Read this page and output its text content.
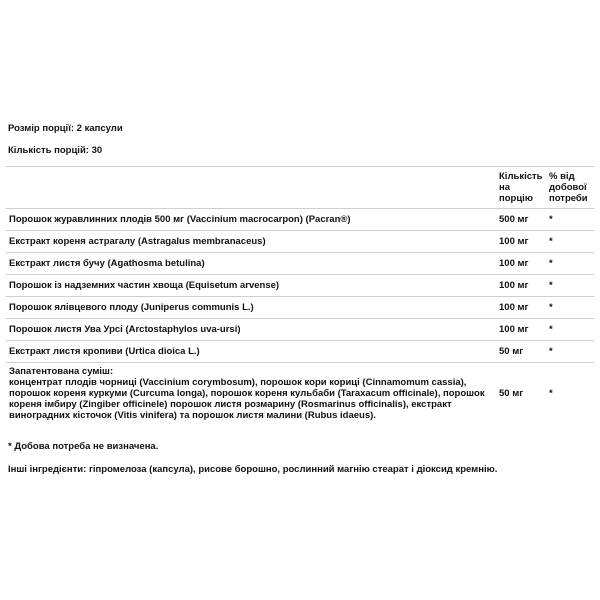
Розмір порції: 2 капсули
Кількість порцій: 30
	Кількість на порцію	% від добової потреби
Порошок журавлинних плодів 500 мг (Vaccinium macrocarpon) (Pacran®)	500 мг	*
Екстракт кореня астрагалу (Astragalus membranaceus)	100 мг	*
Екстракт листя бучу (Agathosma betulina)	100 мг	*
Порошок із надземних частин хвоща (Equisetum arvense)	100 мг	*
Порошок ялівцевого плоду (Juniperus communis L.)	100 мг	*
Порошок листя Ува Урсі (Arctostaphylos uva-ursi)	100 мг	*
Екстракт листя кропиви (Urtica dioica L.)	50 мг	*

Запатентована суміш:
концентрат плодів чорниці (Vaccinium corymbosum), порошок кори кориці (Cinnamomum cassia),
порошок кореня куркуми (Curcuma longa), порошок кореня кульбаби (Taraxacum officinale), порошок
кореня імбиру (Zingiber officinele) порошок листя розмарину (Rosmarinus officinalis), екстракт
виноградних кісточок (Vitis vinifera) та порошок листя малини (Rubus idaeus).	50 мг	*
* Добова потреба не визначена.
Інші інгредієнти: гіпромелоза (капсула), рисове борошно, рослинний магнію стеарат і діоксид кремнію.
